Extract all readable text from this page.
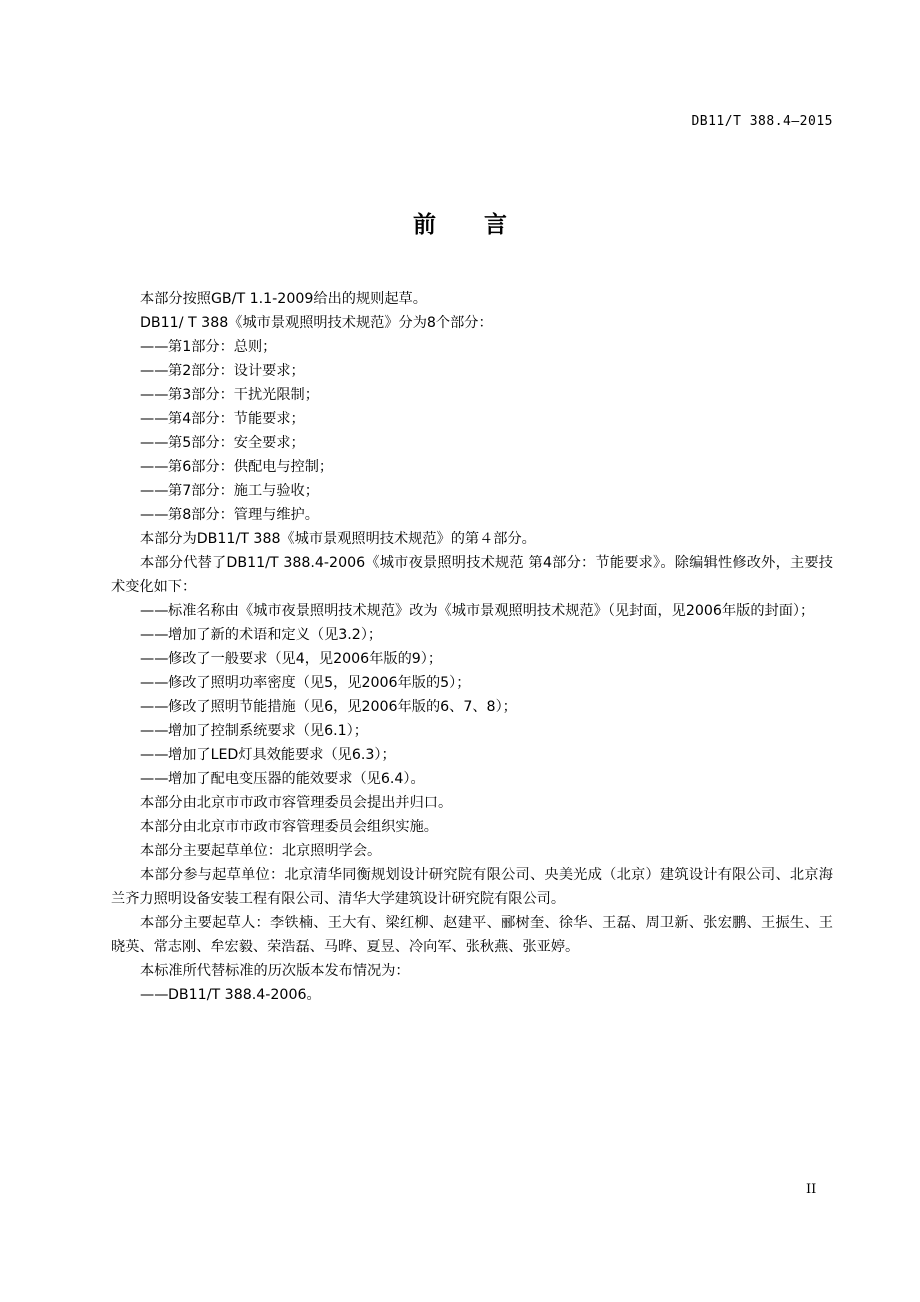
DB11/T 388.4—2015

前言

本部分按照GB/T 1.1-2009给出的规则起草。

DB11/ T 388《城市景观照明技术规范》分为8个部分：

——第1部分：总则；

——第2部分：设计要求；

——第3部分：干扰光限制；

——第4部分：节能要求；

——第5部分：安全要求；

——第6部分：供配电与控制；

——第7部分：施工与验收；

——第8部分：管理与维护。

本部分为DB11/T 388《城市景观照明技术规范》的第４部分。

本部分代替了DB11/T 388.4-2006《城市夜景照明技术规范 第4部分：节能要求》。除编辑性修改外，主要技术变化如下：

——标准名称由《城市夜景照明技术规范》改为《城市景观照明技术规范》（见封面，见2006年版的封面）；

——增加了新的术语和定义（见3.2）；

——修改了一般要求（见4，见2006年版的9）；

——修改了照明功率密度（见5，见2006年版的5）；

——修改了照明节能措施（见6，见2006年版的6、7、8）；

——增加了控制系统要求（见6.1）；

——增加了LED灯具效能要求（见6.3）；

——增加了配电变压器的能效要求（见6.4）。

本部分由北京市市政市容管理委员会提出并归口。

本部分由北京市市政市容管理委员会组织实施。

本部分主要起草单位：北京照明学会。

本部分参与起草单位：北京清华同衡规划设计研究院有限公司、央美光成（北京）建筑设计有限公司、北京海兰齐力照明设备安装工程有限公司、清华大学建筑设计研究院有限公司。

本部分主要起草人：李铁楠、王大有、梁红柳、赵建平、郦树奎、徐华、王磊、周卫新、张宏鹏、王振生、王晓英、常志刚、牟宏毅、荣浩磊、马晔、夏昱、冷向军、张秋燕、张亚婷。

本标准所代替标准的历次版本发布情况为：

——DB11/T 388.4-2006。

II
